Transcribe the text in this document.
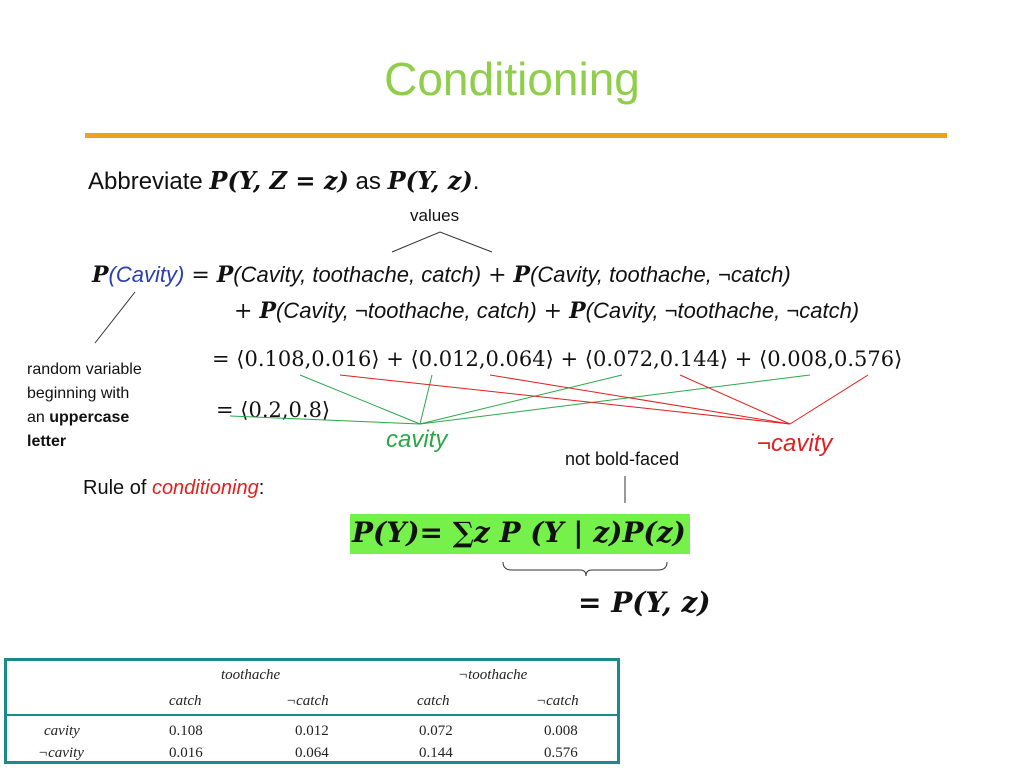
Conditioning
Abbreviate P(Y, Z = z) as P(Y, z).
values
P(Cavity) = P(Cavity, toothache, catch) + P(Cavity, toothache, ¬catch)
+ P(Cavity, ¬toothache, catch) + P(Cavity, ¬toothache, ¬catch)
= ⟨0.108,0.016⟩ + ⟨0.012,0.064⟩ + ⟨0.072,0.144⟩ + ⟨0.008,0.576⟩
= ⟨0.2,0.8⟩
random variable
beginning with
an uppercase
letter	cavity	¬cavity
not bold-faced
Rule of conditioning:
P(Y)= ∑z P (Y | z)P(z)
= P(Y, z)
toothache	¬toothache
catch	¬catch	catch	¬catch
cavity	0.108	0.012	0.072	0.008
¬cavity	0.016	0.064	0.144	0.576
